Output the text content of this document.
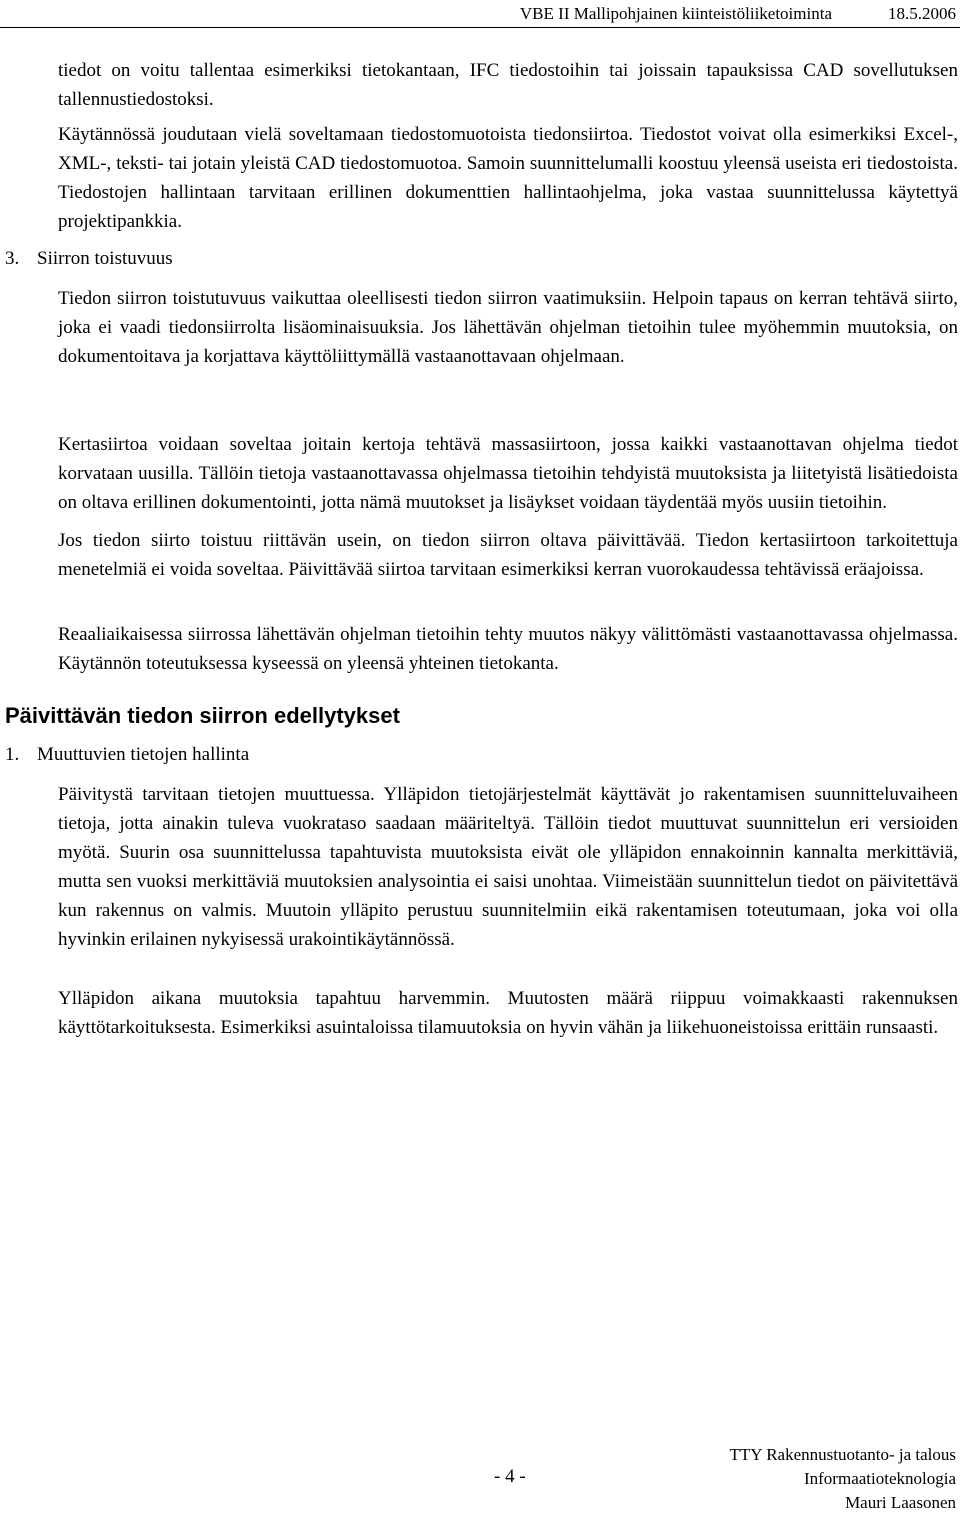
VBE II Mallipohjainen kiinteistöliiketoiminta	18.5.2006

tiedot on voitu tallentaa esimerkiksi tietokantaan, IFC tiedostoihin tai joissain tapauksissa CAD sovellutuksen tallennustiedostoksi.

Käytännössä joudutaan vielä soveltamaan tiedostomuotoista tiedonsiirtoa. Tiedostot voivat olla esimerkiksi Excel-, XML-, teksti- tai jotain yleistä CAD tiedostomuotoa. Samoin suunnittelumalli koostuu yleensä useista eri tiedostoista. Tiedostojen hallintaan tarvitaan erillinen dokumenttien hallintaohjelma, joka vastaa suunnittelussa käytettyä projektipankkia.

3. Siirron toistuvuus

Tiedon siirron toistutuvuus vaikuttaa oleellisesti tiedon siirron vaatimuksiin. Helpoin tapaus on kerran tehtävä siirto, joka ei vaadi tiedonsiirrolta lisäominaisuuksia. Jos lähettävän ohjelman tietoihin tulee myöhemmin muutoksia, on dokumentoitava ja korjattava käyttöliittymällä vastaanottavaan ohjelmaan.

Kertasiirtoa voidaan soveltaa joitain kertoja tehtävä massasiirtoon, jossa kaikki vastaanottavan ohjelma tiedot korvataan uusilla. Tällöin tietoja vastaanottavassa ohjelmassa tietoihin tehdyistä muutoksista ja liitetyistä lisätiedoista on oltava erillinen dokumentointi, jotta nämä muutokset ja lisäykset voidaan täydentää myös uusiin tietoihin.

Jos tiedon siirto toistuu riittävän usein, on tiedon siirron oltava päivittävää. Tiedon kertasiirtoon tarkoitettuja menetelmiä ei voida soveltaa. Päivittävää siirtoa tarvitaan esimerkiksi kerran vuorokaudessa tehtävissä eräajoissa.

Reaaliaikaisessa siirrossa lähettävän ohjelman tietoihin tehty muutos näkyy välittömästi vastaanottavassa ohjelmassa. Käytännön toteutuksessa kyseessä on yleensä yhteinen tietokanta.

Päivittävän tiedon siirron edellytykset
1. Muuttuvien tietojen hallinta

Päivitystä tarvitaan tietojen muuttuessa. Ylläpidon tietojärjestelmät käyttävät jo rakentamisen suunnitteluvaiheen tietoja, jotta ainakin tuleva vuokrataso saadaan määriteltyä. Tällöin tiedot muuttuvat suunnittelun eri versioiden myötä. Suurin osa suunnittelussa tapahtuvista muutoksista eivät ole ylläpidon ennakoinnin kannalta merkittäviä, mutta sen vuoksi merkittäviä muutoksien analysointia ei saisi unohtaa. Viimeistään suunnittelun tiedot on päivitettävä kun rakennus on valmis. Muutoin ylläpito perustuu suunnitelmiin eikä rakentamisen toteutumaan, joka voi olla hyvinkin erilainen nykyisessä urakointikäytännössä.

Ylläpidon aikana muutoksia tapahtuu harvemmin. Muutosten määrä riippuu voimakkaasti rakennuksen käyttötarkoituksesta. Esimerkiksi asuintaloissa tilamuutoksia on hyvin vähän ja liikehuoneistoissa erittäin runsaasti.

- 4 -
TTY Rakennustuotanto- ja talous
Informaatioteknologia
Mauri Laasonen
